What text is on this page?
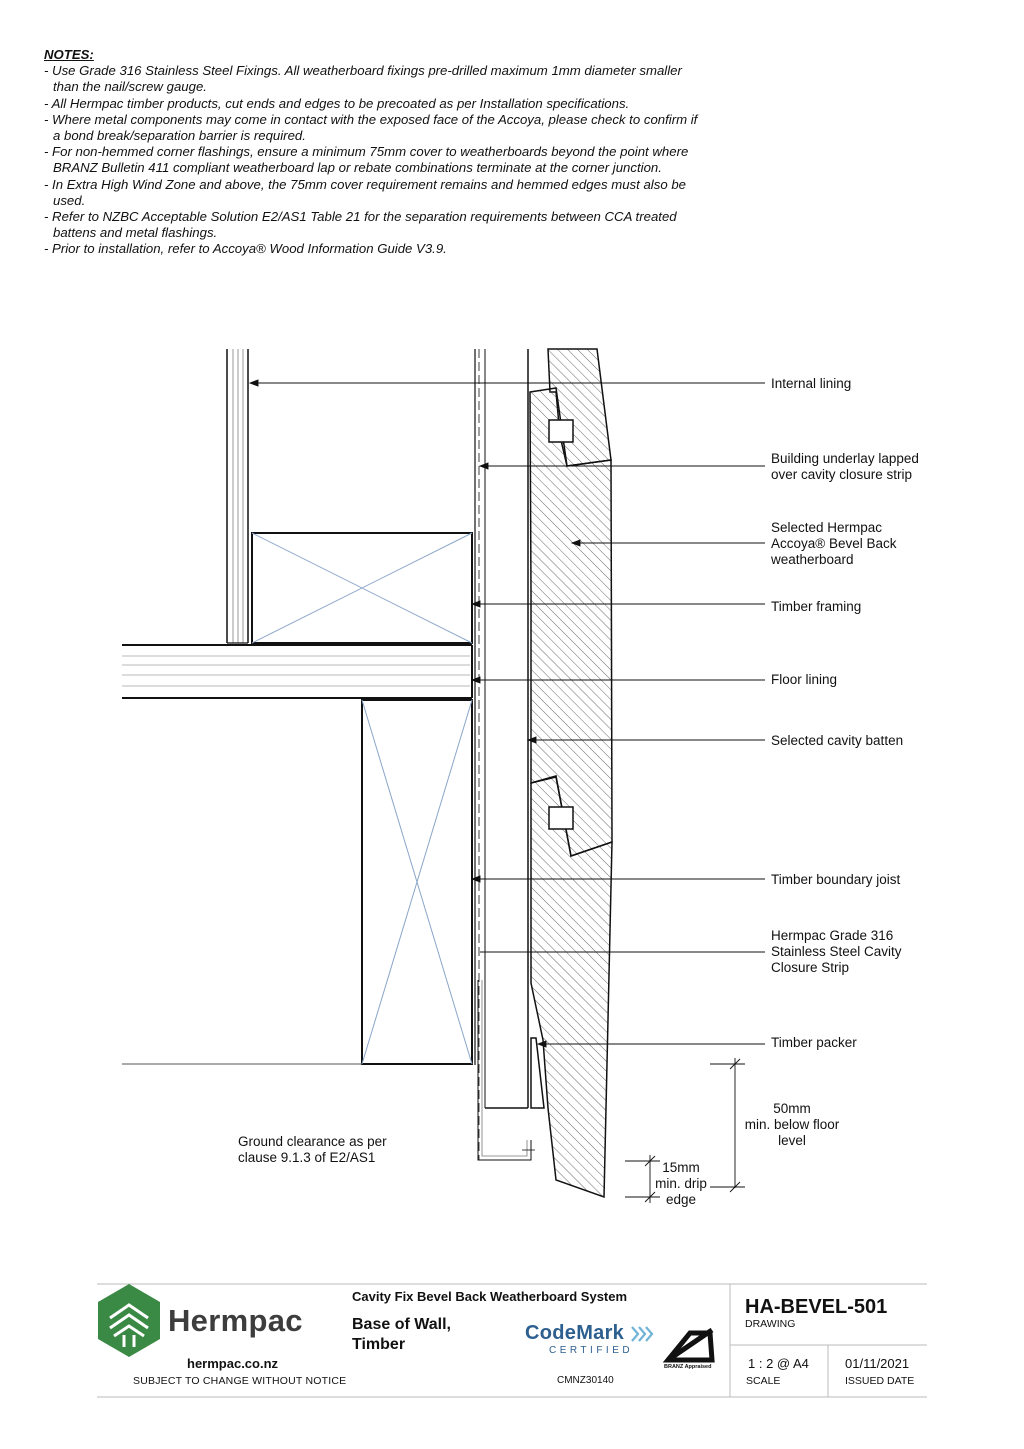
NOTES:
- Use Grade 316 Stainless Steel Fixings. All weatherboard fixings pre-drilled maximum 1mm diameter smaller than the nail/screw gauge.
- All Hermpac timber products, cut ends and edges to be precoated as per Installation specifications.
- Where metal components may come in contact with the exposed face of the Accoya, please check to confirm if a bond break/separation barrier is required.
- For non-hemmed corner flashings, ensure a minimum 75mm cover to weatherboards beyond the point where BRANZ Bulletin 411 compliant weatherboard lap or rebate combinations terminate at the corner junction.
- In Extra High Wind Zone and above, the 75mm cover requirement remains and hemmed edges must also be used.
- Refer to NZBC Acceptable Solution E2/AS1 Table 21 for the separation requirements between CCA treated battens and metal flashings.
- Prior to installation, refer to Accoya® Wood Information Guide V3.9.
Internal lining
Building underlay lapped
over cavity closure strip
Selected Hermpac
Accoya® Bevel Back
weatherboard
Timber framing
Floor lining
Selected cavity batten
Timber boundary joist
Hermpac Grade 316
Stainless Steel Cavity
Closure Strip
Timber packer
50mm
min. below floor
level
15mm
min. drip
edge
Ground clearance as per
clause 9.1.3 of E2/AS1
Hermpac
hermpac.co.nz
SUBJECT TO CHANGE WITHOUT NOTICE
Cavity Fix Bevel Back Weatherboard System
Base of Wall,
Timber
CodeMark
CERTIFIED
CMNZ30140
BRANZ Appraised
HA-BEVEL-501
DRAWING
1 : 2 @ A4
SCALE
01/11/2021
ISSUED DATE
